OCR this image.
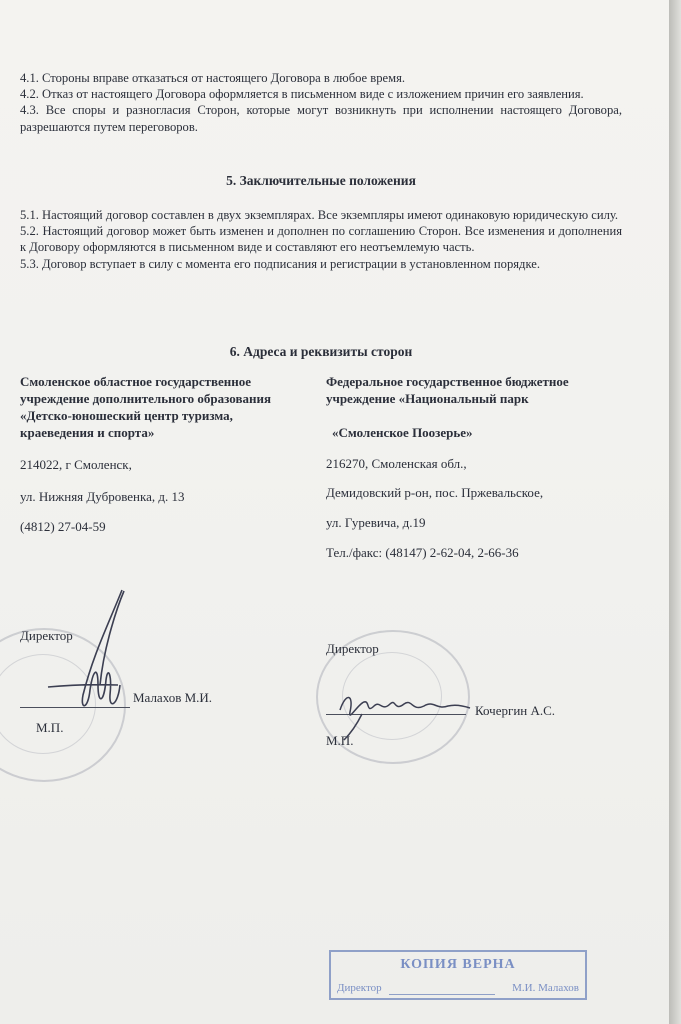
4.1. Стороны вправе отказаться от настоящего Договора в любое время.

4.2. Отказ от настоящего Договора оформляется в письменном виде с изложением причин его заявления.

4.3. Все споры и разногласия Сторон, которые могут возникнуть при исполнении настоящего Договора, разрешаются путем переговоров.

5. Заключительные положения

5.1. Настоящий договор составлен в двух экземплярах. Все экземпляры имеют одинаковую юридическую силу.

5.2. Настоящий договор может быть изменен и дополнен по соглашению Сторон. Все изменения и дополнения к Договору оформляются в письменном виде и составляют его неотъемлемую часть.

5.3. Договор вступает в силу с момента его подписания и регистрации в установленном порядке.

6. Адреса и реквизиты сторон

Смоленское областное государственное учреждение дополнительного образования «Детско-юношеский центр туризма, краеведения и спорта»

214022, г Смоленск,
ул. Нижняя Дубровенка, д. 13
(4812) 27-04-59

Федеральное государственное бюджетное учреждение «Национальный парк

«Смоленское Поозерье»
216270, Смоленская обл.,
Демидовский р-он, пос. Пржевальское,
ул. Гуревича, д.19
Тел./факс: (48147) 2-62-04, 2-66-36
Директор
Малахов М.И.
М.П.
Директор
Кочергин А.С.
М.П.
КОПИЯ ВЕРНА
Директор	М.И. Малахов
